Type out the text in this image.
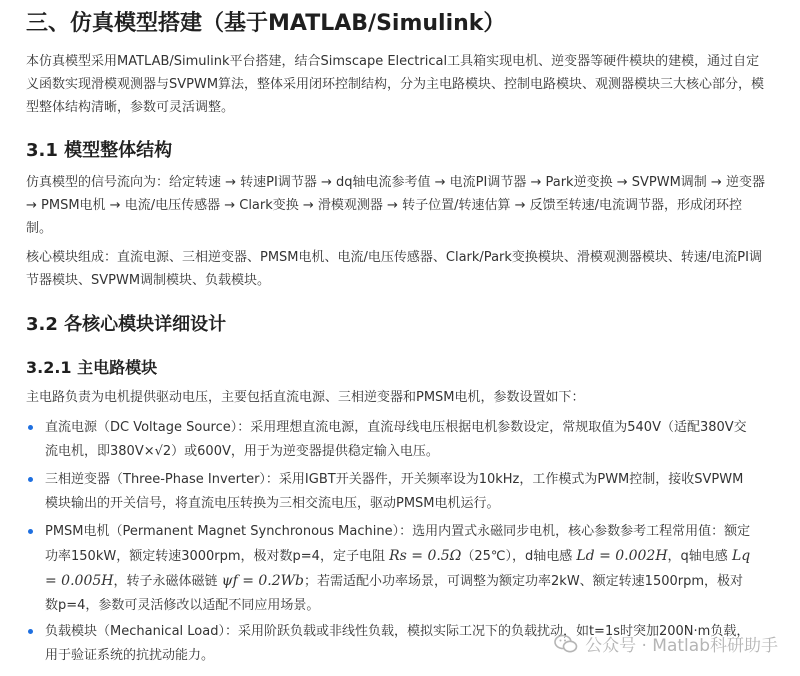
三、仿真模型搭建（基于MATLAB/Simulink）
本仿真模型采用MATLAB/Simulink平台搭建，结合Simscape Electrical工具箱实现电机、逆变器等硬件模块的建模，通过自定义函数实现滑模观测器与SVPWM算法，整体采用闭环控制结构，分为主电路模块、控制电路模块、观测器模块三大核心部分，模型整体结构清晰，参数可灵活调整。
3.1 模型整体结构
仿真模型的信号流向为：给定转速 → 转速PI调节器 → dq轴电流参考值 → 电流PI调节器 → Park逆变换 → SVPWM调制 → 逆变器 → PMSM电机 → 电流/电压传感器 → Clark变换 → 滑模观测器 → 转子位置/转速估算 → 反馈至转速/电流调节器，形成闭环控制。
核心模块组成：直流电源、三相逆变器、PMSM电机、电流/电压传感器、Clark/Park变换模块、滑模观测器模块、转速/电流PI调节器模块、SVPWM调制模块、负载模块。
3.2 各核心模块详细设计
3.2.1 主电路模块
主电路负责为电机提供驱动电压，主要包括直流电源、三相逆变器和PMSM电机，参数设置如下：
直流电源（DC Voltage Source）：采用理想直流电源，直流母线电压根据电机参数设定，常规取值为540V（适配380V交流电机，即380V×√2）或600V，用于为逆变器提供稳定输入电压。
三相逆变器（Three-Phase Inverter）：采用IGBT开关器件，开关频率设为10kHz，工作模式为PWM控制，接收SVPWM模块输出的开关信号，将直流电压转换为三相交流电压，驱动PMSM电机运行。
PMSM电机（Permanent Magnet Synchronous Machine）：选用内置式永磁同步电机，核心参数参考工程常用值：额定功率150kW，额定转速3000rpm，极对数p=4，定子电阻 Rs = 0.5Ω（25℃），d轴电感 Ld = 0.002H，q轴电感 Lq = 0.005H，转子永磁体磁链 ψf = 0.2Wb；若需适配小功率场景，可调整为额定功率2kW、额定转速1500rpm，极对数p=4，参数可灵活修改以适配不同应用场景。
负载模块（Mechanical Load）：采用阶跃负载或非线性负载，模拟实际工况下的负载扰动，如t=1s时突加200N·m负载，用于验证系统的抗扰动能力。	公众号 · Matlab科研助手
